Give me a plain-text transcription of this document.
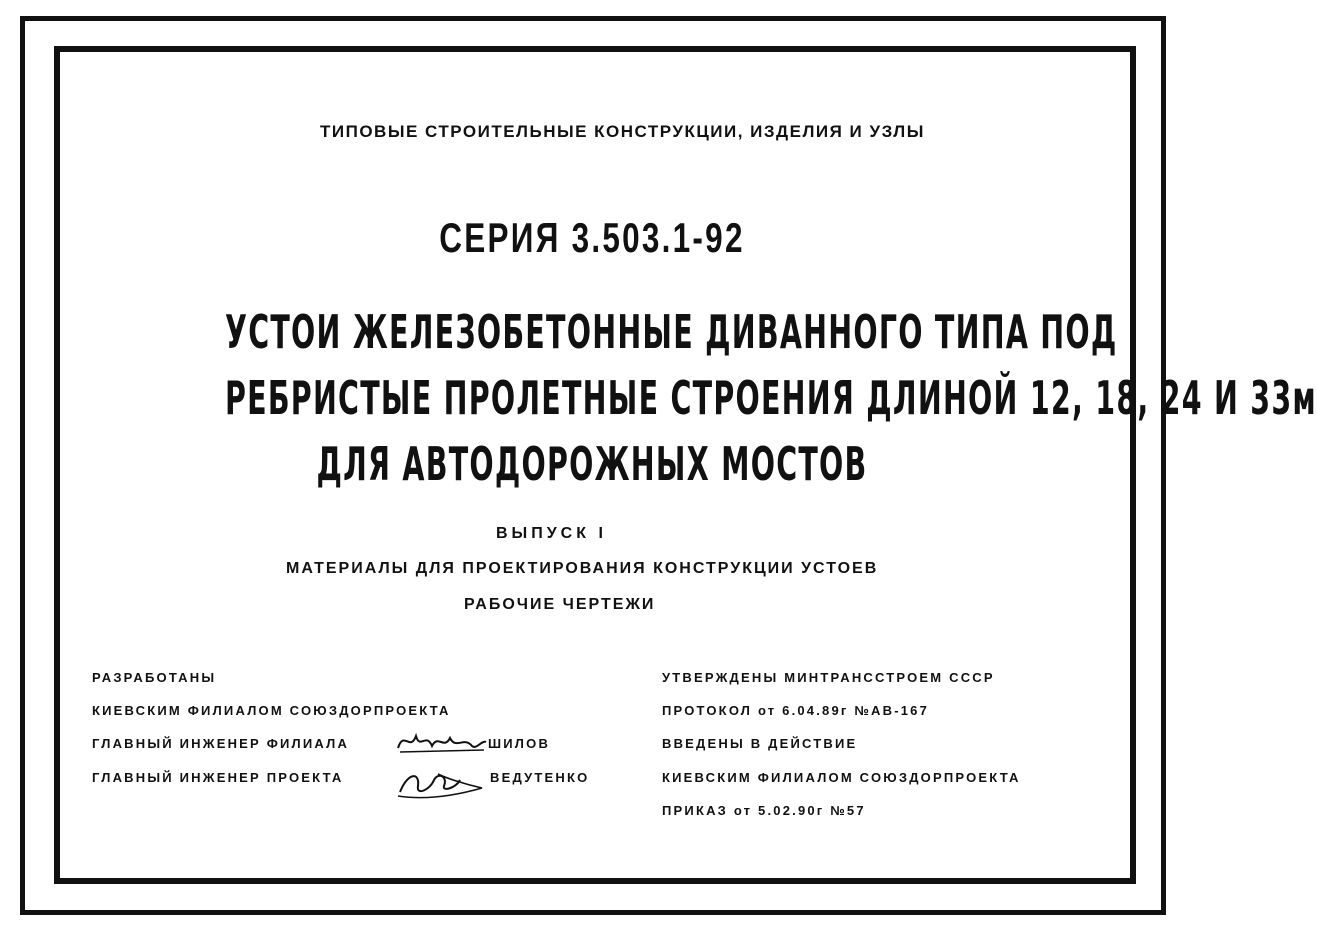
ТИПОВЫЕ СТРОИТЕЛЬНЫЕ КОНСТРУКЦИИ, ИЗДЕЛИЯ И УЗЛЫ
СЕРИЯ 3.503.1-92
УСТОИ ЖЕЛЕЗОБЕТОННЫЕ ДИВАННОГО ТИПА ПОД
РЕБРИСТЫЕ ПРОЛЕТНЫЕ СТРОЕНИЯ ДЛИНОЙ 12, 18, 24 И 33м
ДЛЯ АВТОДОРОЖНЫХ МОСТОВ
ВЫПУСК I
МАТЕРИАЛЫ ДЛЯ ПРОЕКТИРОВАНИЯ КОНСТРУКЦИИ УСТОЕВ
РАБОЧИЕ ЧЕРТЕЖИ
РАЗРАБОТАНЫ
КИЕВСКИМ ФИЛИАЛОМ СОЮЗДОРПРОЕКТА
ГЛАВНЫЙ ИНЖЕНЕР ФИЛИАЛА	ШИЛОВ
ГЛАВНЫЙ ИНЖЕНЕР ПРОЕКТА	ВЕДУТЕНКО
УТВЕРЖДЕНЫ МИНТРАНССТРОЕМ СССР
ПРОТОКОЛ от 6.04.89г №АВ-167
ВВЕДЕНЫ В ДЕЙСТВИЕ
КИЕВСКИМ ФИЛИАЛОМ СОЮЗДОРПРОЕКТА
ПРИКАЗ от 5.02.90г №57
